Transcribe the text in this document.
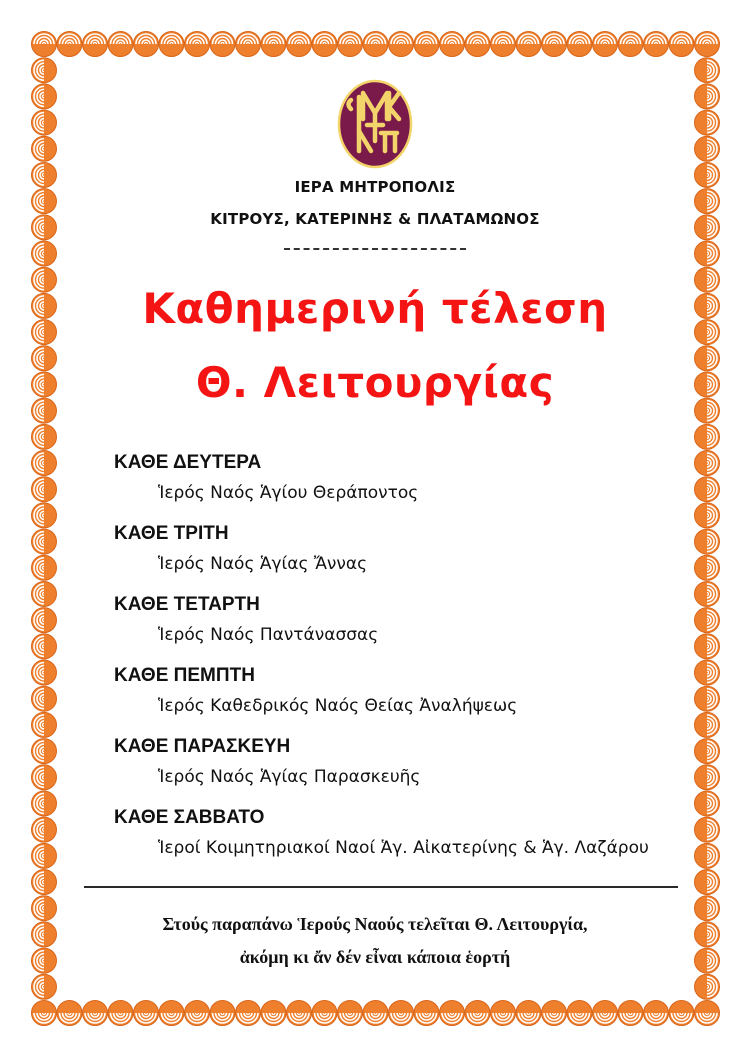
ΙΕΡΑ ΜΗΤΡΟΠΟΛΙΣ
ΚΙΤΡΟΥΣ, ΚΑΤΕΡΙΝΗΣ & ΠΛΑΤΑΜΩΝΟΣ
Καθημερινή τέλεση
Θ. Λειτουργίας
ΚΑΘΕ ΔΕΥΤΕΡΑ
Ἱερός Ναός Ἁγίου Θεράποντος
ΚΑΘΕ ΤΡΙΤΗ
Ἱερός Ναός Ἁγίας Ἄννας
ΚΑΘΕ ΤΕΤΑΡΤΗ
Ἱερός Ναός Παντάνασσας
ΚΑΘΕ ΠΕΜΠΤΗ
Ἱερός Καθεδρικός Ναός Θείας Ἀναλήψεως
ΚΑΘΕ ΠΑΡΑΣΚΕΥΗ
Ἱερός Ναός Ἁγίας Παρασκευῆς
ΚΑΘΕ ΣΑΒΒΑΤΟ
Ἱεροί Κοιμητηριακοί Ναοί Ἁγ. Αἰκατερίνης & Ἁγ. Λαζάρου
Στούς παραπάνω Ἱερούς Ναούς τελεῖται Θ. Λειτουργία,
ἀκόμη κι ἄν δέν εἶναι κάποια ἑορτή
